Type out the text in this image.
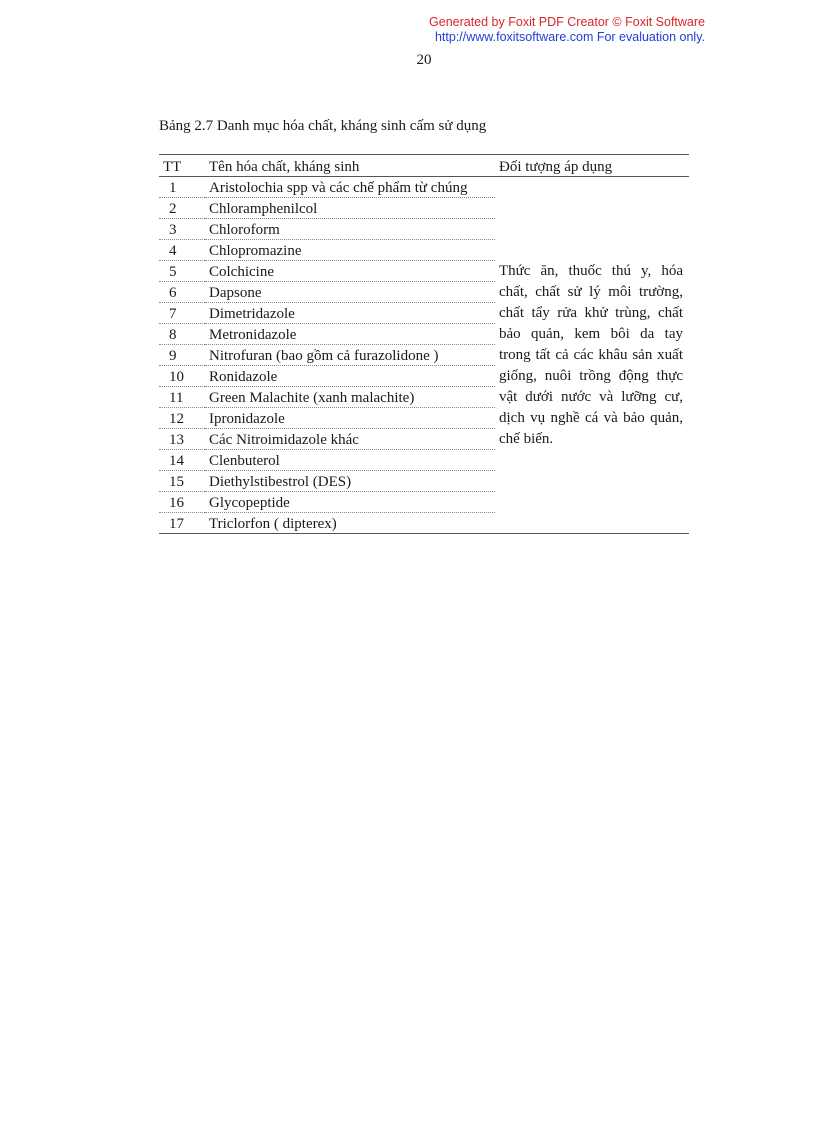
Generated by Foxit PDF Creator © Foxit Software
http://www.foxitsoftware.com For evaluation only.
20
Bảng 2.7 Danh mục hóa chất, kháng sinh cấm sử dụng
TT	Tên hóa chất, kháng sinh	Đối tượng áp dụng
1	Aristolochia spp và các chế phẩm từ chúng	Thức ăn, thuốc thú y, hóa chất, chất sử lý môi trường, chất tẩy rửa khử trùng, chất bảo quản, kem bôi da tay trong tất cả các khâu sản xuất giống, nuôi trồng động thực vật dưới nước và lưỡng cư, dịch vụ nghề cá và bảo quản, chế biến.
2	Chloramphenilcol	
3	Chloroform	
4	Chlopromazine	
5	Colchicine	
6	Dapsone	
7	Dimetridazole	
8	Metronidazole	
9	Nitrofuran (bao gồm cả furazolidone )	
10	Ronidazole	
11	Green Malachite (xanh malachite)	
12	Ipronidazole	
13	Các Nitroimidazole khác	
14	Clenbuterol	
15	Diethylstibestrol (DES)	
16	Glycopeptide	
17	Triclorfon ( dipterex)	
